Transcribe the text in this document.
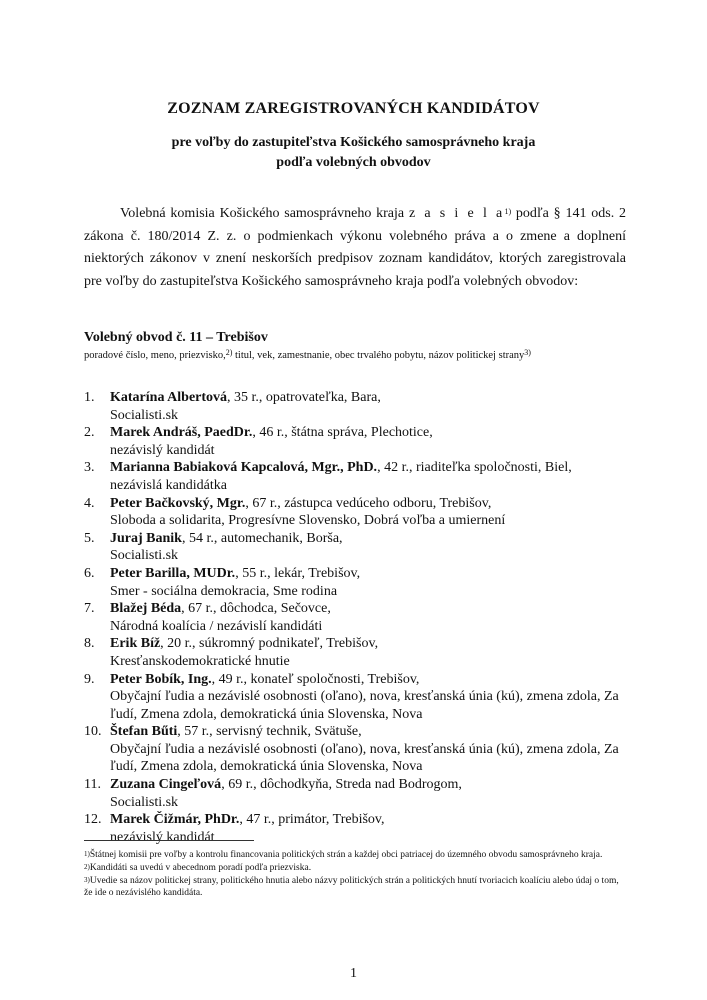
ZOZNAM ZAREGISTROVANÝCH KANDIDÁTOV
pre voľby do zastupiteľstva Košického samosprávneho kraja
podľa volebných obvodov
Volebná komisia Košického samosprávneho kraja z a s i e l $a^{1)}$ podľa § 141 ods. 2 zákona č. 180/2014 Z. z. o podmienkach výkonu volebného práva a o zmene a doplnení niektorých zákonov v znení neskorších predpisov zoznam kandidátov, ktorých zaregistrovala pre voľby do zastupiteľstva Košického samosprávneho kraja podľa volebných obvodov:
Volebný obvod č. 11 – Trebišov
poradové číslo, meno, priezvisko,$^{2)}$ titul, vek, zamestnanie, obec trvalého pobytu, názov politickej strany$^{3)}$
1. Katarína Albertová, 35 r., opatrovateľka, Bara,
Socialisti.sk
2. Marek Andráš, PaedDr., 46 r., štátna správa, Plechotice,
nezávislý kandidát
3. Marianna Babiaková Kapcalová, Mgr., PhD., 42 r., riaditeľka spoločnosti, Biel,
nezávislá kandidátka
4. Peter Bačkovský, Mgr., 67 r., zástupca vedúceho odboru, Trebišov,
Sloboda a solidarita, Progresívne Slovensko, Dobrá voľba a umiernení
5. Juraj Banik, 54 r., automechanik, Borša,
Socialisti.sk
6. Peter Barilla, MUDr., 55 r., lekár, Trebišov,
Smer - sociálna demokracia, Sme rodina
7. Blažej Béda, 67 r., dôchodca, Sečovce,
Národná koalícia / nezávislí kandidáti
8. Erik Bíž, 20 r., súkromný podnikateľ, Trebišov,
Kresťanskodemokratické hnutie
9. Peter Bobík, Ing., 49 r., konateľ spoločnosti, Trebišov,
Obyčajní ľudia a nezávislé osobnosti (oľano), nova, kresťanská únia (kú), zmena zdola, Za ľudí, Zmena zdola, demokratická únia Slovenska, Nova
10. Štefan Bűti, 57 r., servisný technik, Svätuše,
Obyčajní ľudia a nezávislé osobnosti (oľano), nova, kresťanská únia (kú), zmena zdola, Za ľudí, Zmena zdola, demokratická únia Slovenska, Nova
11. Zuzana Cingeľová, 69 r., dôchodkyňa, Streda nad Bodrogom,
Socialisti.sk
12. Marek Čižmár, PhDr., 47 r., primátor, Trebišov,
nezávislý kandidát

$^{1)}$Štátnej komisii pre voľby a kontrolu financovania politických strán a každej obci patriacej do územného obvodu samosprávneho kraja.

$^{2)}$Kandidáti sa uvedú v abecednom poradí podľa priezviska.

$^{3)}$Uvedie sa názov politickej strany, politického hnutia alebo názvy politických strán a politických hnutí tvoriacich koalíciu alebo údaj o tom, že ide o nezávislého kandidáta.

1
